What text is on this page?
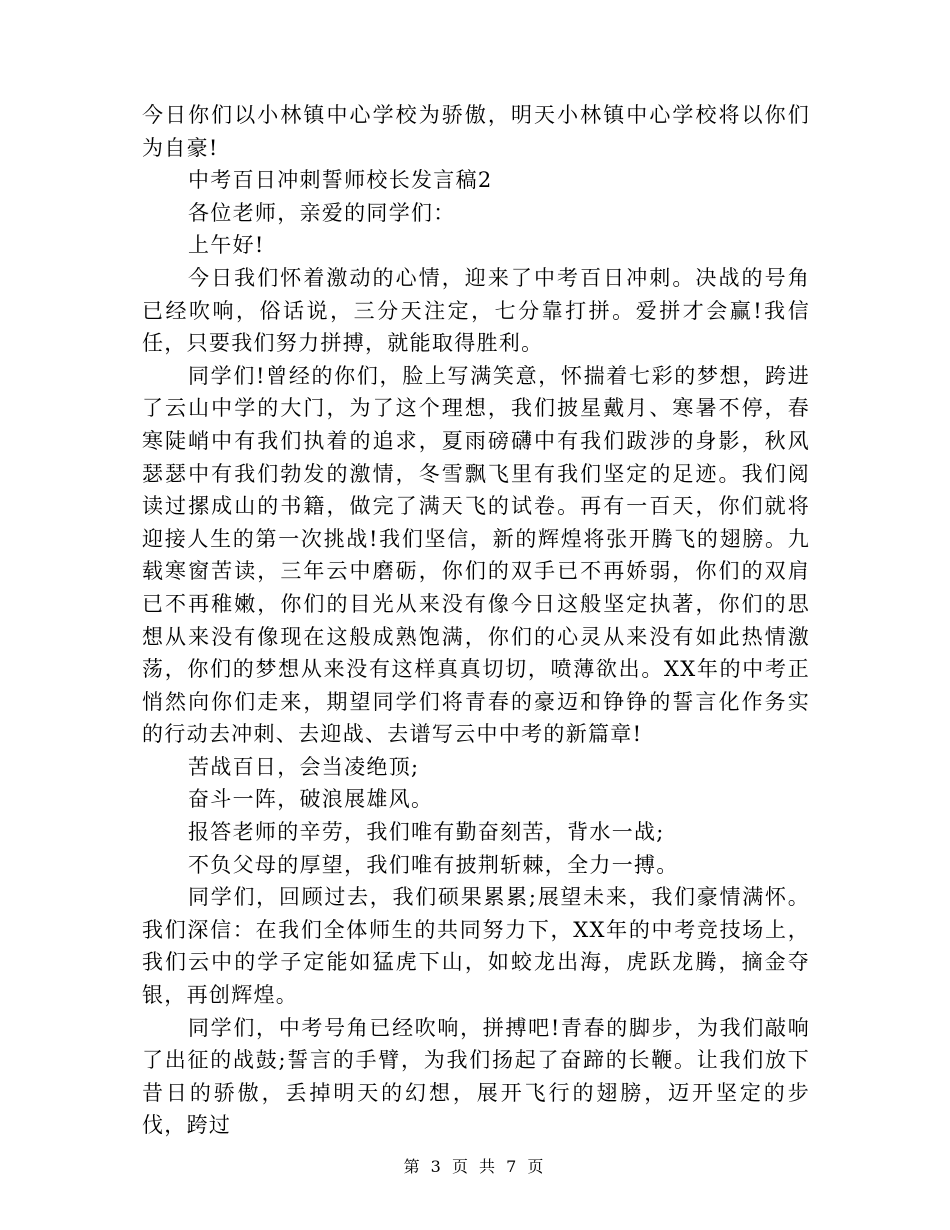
今日你们以小林镇中心学校为骄傲，明天小林镇中心学校将以你们为自豪!

中考百日冲刺誓师校长发言稿2

各位老师，亲爱的同学们：

上午好!

今日我们怀着激动的心情，迎来了中考百日冲刺。决战的号角已经吹响，俗话说，三分天注定，七分靠打拼。爱拼才会赢!我信任，只要我们努力拼搏，就能取得胜利。

同学们!曾经的你们，脸上写满笑意，怀揣着七彩的梦想，跨进了云山中学的大门，为了这个理想，我们披星戴月、寒暑不停，春寒陡峭中有我们执着的追求，夏雨磅礴中有我们跋涉的身影，秋风瑟瑟中有我们勃发的激情，冬雪飘飞里有我们坚定的足迹。我们阅读过摞成山的书籍，做完了满天飞的试卷。再有一百天，你们就将迎接人生的第一次挑战!我们坚信，新的辉煌将张开腾飞的翅膀。九载寒窗苦读，三年云中磨砺，你们的双手已不再娇弱，你们的双肩已不再稚嫩，你们的目光从来没有像今日这般坚定执著，你们的思想从来没有像现在这般成熟饱满，你们的心灵从来没有如此热情激荡，你们的梦想从来没有这样真真切切，喷薄欲出。XX年的中考正悄然向你们走来，期望同学们将青春的豪迈和铮铮的誓言化作务实的行动去冲刺、去迎战、去谱写云中中考的新篇章!

苦战百日，会当凌绝顶;

奋斗一阵，破浪展雄风。

报答老师的辛劳，我们唯有勤奋刻苦，背水一战;

不负父母的厚望，我们唯有披荆斩棘，全力一搏。

同学们，回顾过去，我们硕果累累;展望未来，我们豪情满怀。我们深信：在我们全体师生的共同努力下，XX年的中考竞技场上，我们云中的学子定能如猛虎下山，如蛟龙出海，虎跃龙腾，摘金夺银，再创辉煌。

同学们，中考号角已经吹响，拼搏吧!青春的脚步，为我们敲响了出征的战鼓;誓言的手臂，为我们扬起了奋蹄的长鞭。让我们放下昔日的骄傲，丢掉明天的幻想，展开飞行的翅膀，迈开坚定的步伐，跨过

第 3 页 共 7 页
